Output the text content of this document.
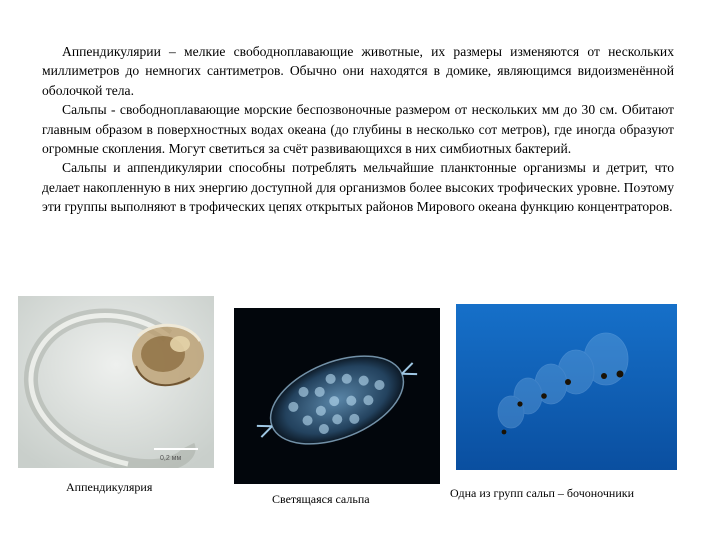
Аппендикулярии – мелкие свободноплавающие животные, их размеры изменяются от нескольких миллиметров до немногих сантиметров. Обычно они находятся в домике, являющимся видоизменённой оболочкой тела.

Сальпы - свободноплавающие морские беспозвоночные размером от нескольких мм до 30 см. Обитают главным образом в поверхностных водах океана (до глубины в несколько сот метров), где иногда образуют огромные скопления. Могут светиться за счёт развивающихся в них симбиотных бактерий.

Сальпы и аппендикулярии способны потреблять мельчайшие планктонные организмы и детрит, что делает накопленную в них энергию доступной для организмов более высоких трофических уровне. Поэтому эти группы выполняют в трофических цепях открытых районов Мирового океана функцию концентраторов.

0,2 мм
Аппендикулярия
Светящаяся сальпа	Одна из групп сальп – бочоночники
